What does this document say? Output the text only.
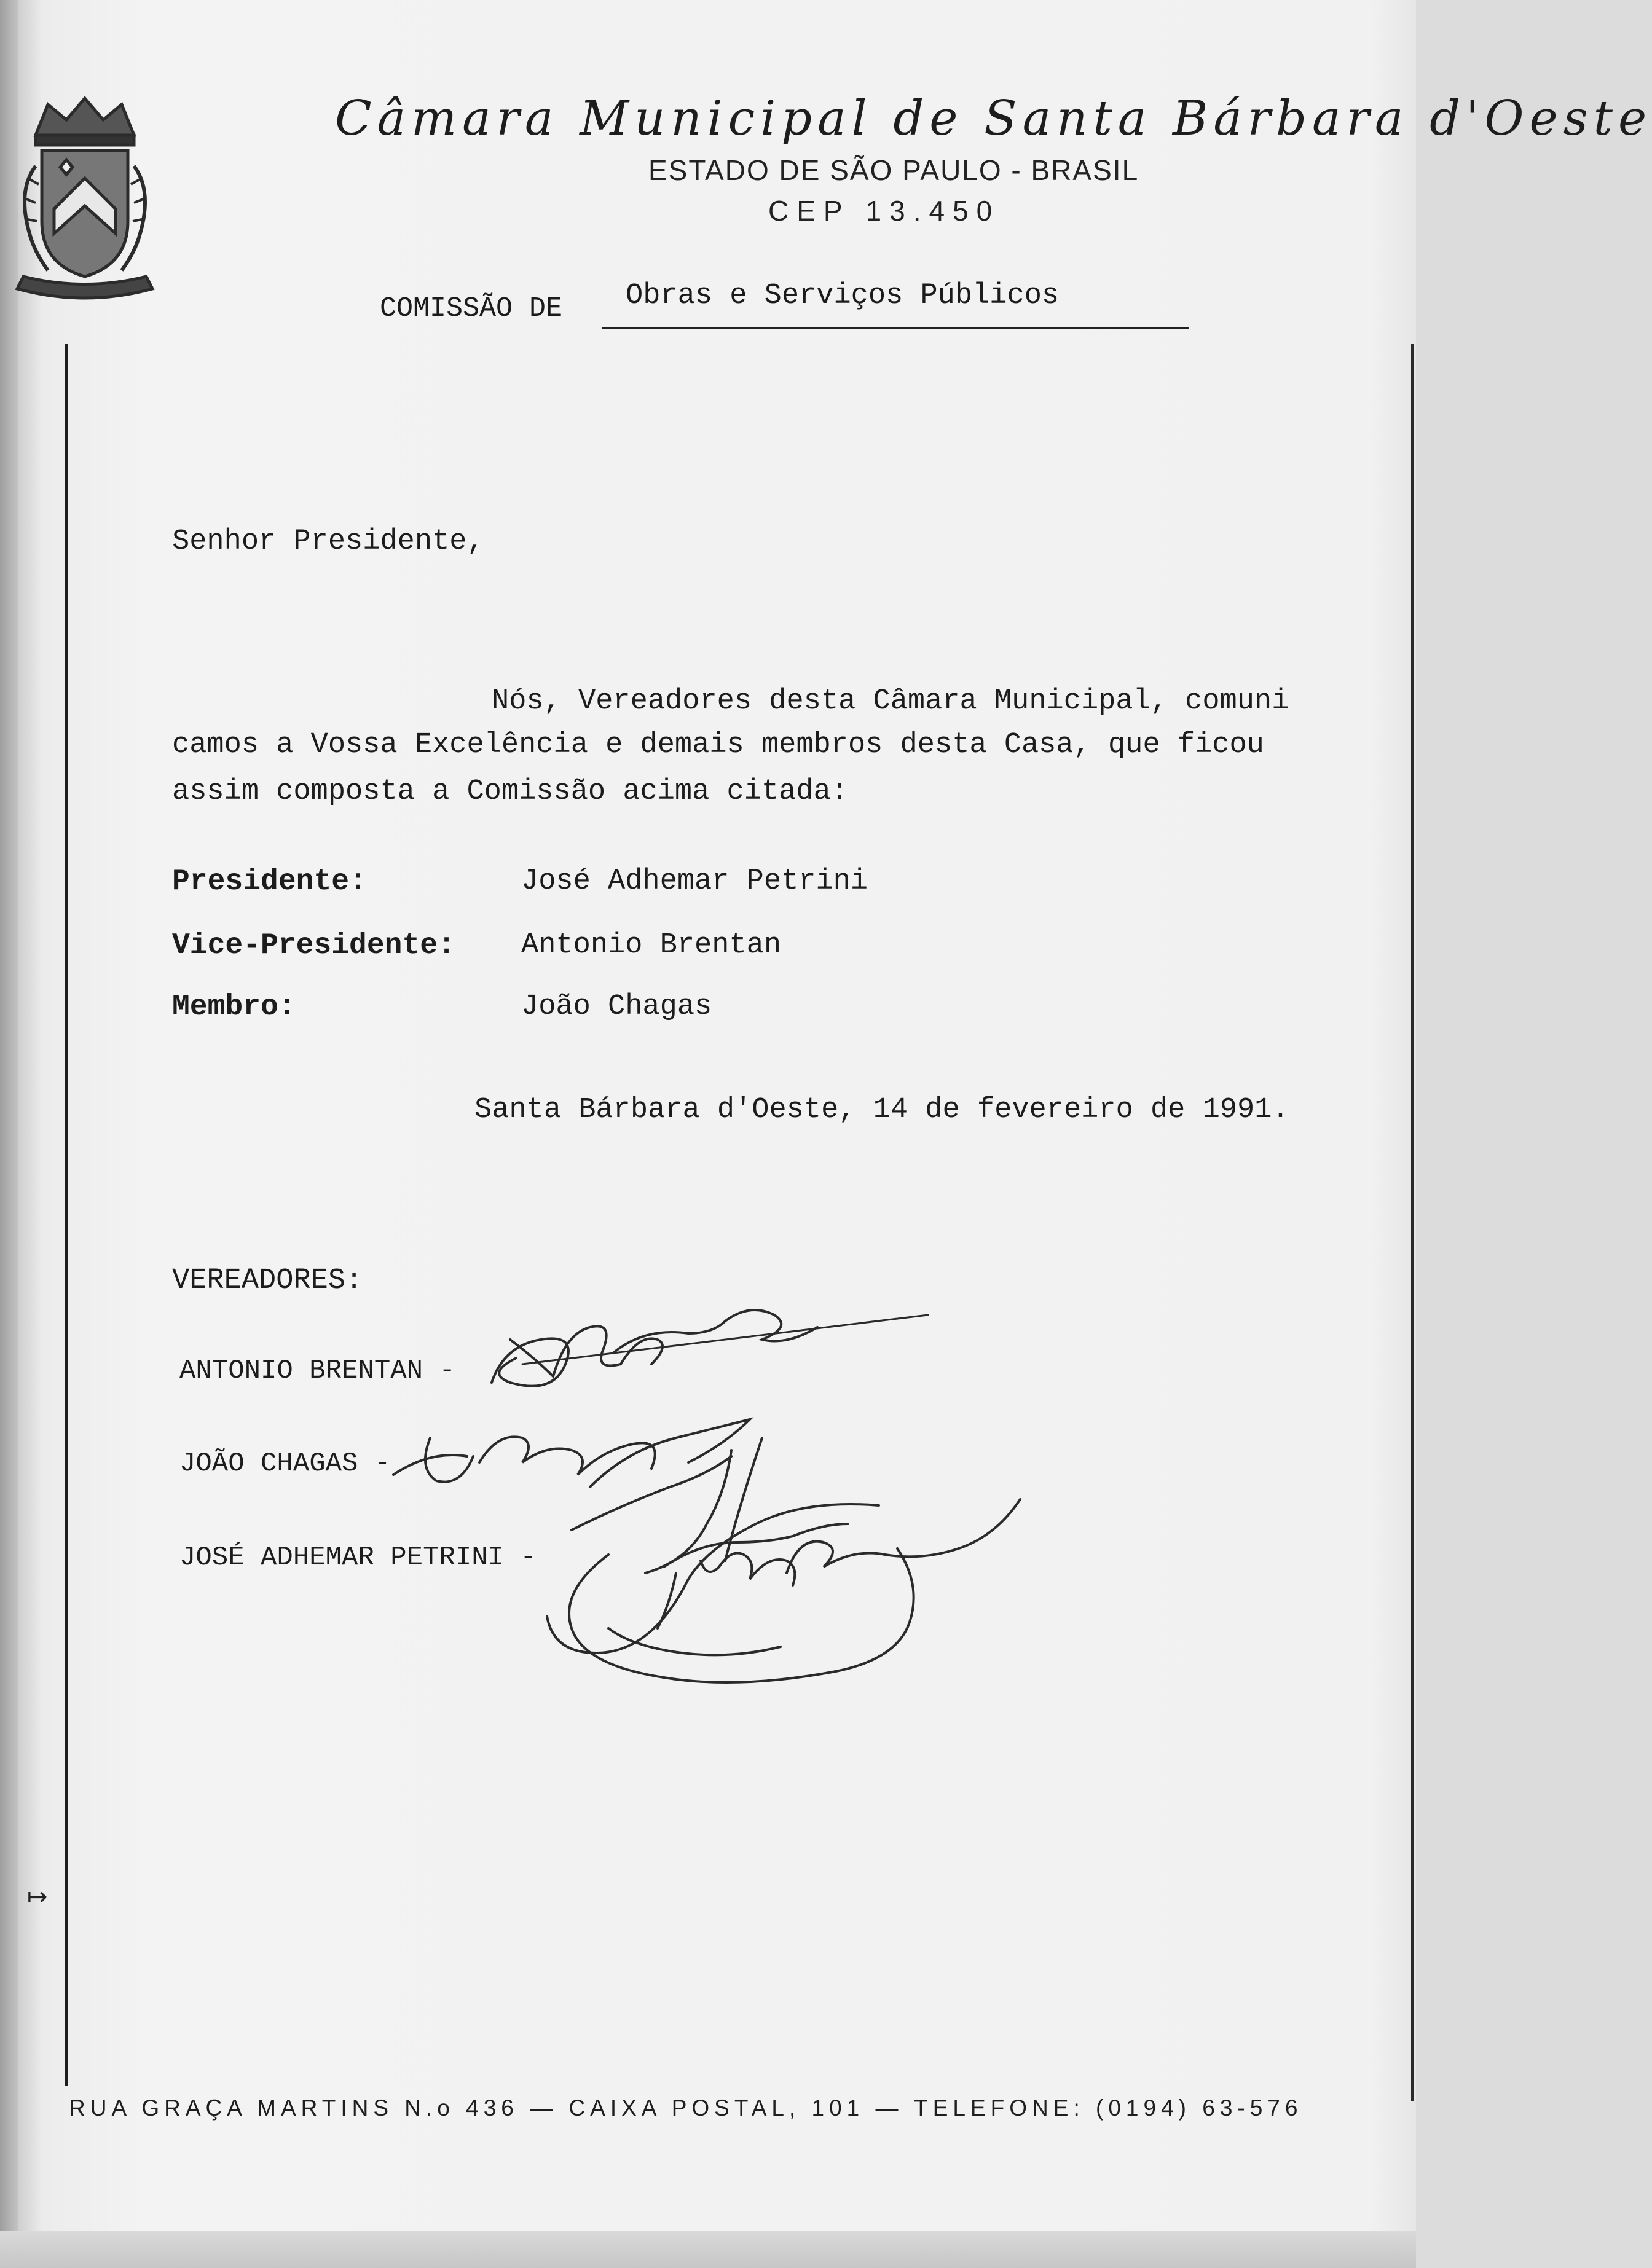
Câmara Municipal de Santa Bárbara d'Oeste
ESTADO DE SÃO PAULO - BRASIL
CEP 13.450
COMISSÃO DE Obras e Serviços Públicos
Senhor Presidente,
Nós, Vereadores desta Câmara Municipal, comuni
camos a Vossa Excelência e demais membros desta Casa, que ficou
assim composta a Comissão acima citada:
Presidente:	José Adhemar Petrini
Vice-Presidente: Antonio Brentan
Membro:	João Chagas
Santa Bárbara d'Oeste, 14 de fevereiro de 1991.
VEREADORES:
ANTONIO BRENTAN -
JOÃO CHAGAS -
JOSÉ ADHEMAR PETRINI -
↦
RUA GRAÇA MARTINS N.o 436 — CAIXA POSTAL, 101 — TELEFONE: (0194) 63-576
